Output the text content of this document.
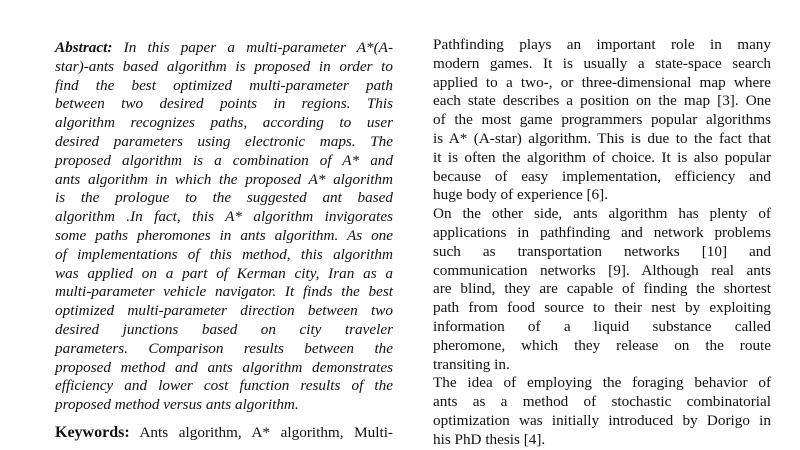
Abstract: In this paper a multi-parameter A*(A-
star)-ants based algorithm is proposed in order to
find the best optimized multi-parameter path
between two desired points in regions. This
algorithm recognizes paths, according to user
desired parameters using electronic maps. The
proposed algorithm is a combination of A* and
ants algorithm in which the proposed A* algorithm
is the prologue to the suggested ant based
algorithm .In fact, this A* algorithm invigorates
some paths pheromones in ants algorithm. As one
of implementations of this method, this algorithm
was applied on a part of Kerman city, Iran as a
multi-parameter vehicle navigator. It finds the best
optimized multi-parameter direction between two
desired junctions based on city traveler
parameters. Comparison results between the
proposed method and ants algorithm demonstrates
efficiency and lower cost function results of the
proposed method versus ants algorithm.
Keywords: Ants algorithm, A* algorithm, Multi-
Pathfinding plays an important role in many
modern games. It is usually a state-space search
applied to a two-, or three-dimensional map where
each state describes a position on the map [3]. One
of the most game programmers popular algorithms
is A* (A-star) algorithm. This is due to the fact that
it is often the algorithm of choice. It is also popular
because of easy implementation, efficiency and
huge body of experience [6].
On the other side, ants algorithm has plenty of
applications in pathfinding and network problems
such as transportation networks [10] and
communication networks [9]. Although real ants
are blind, they are capable of finding the shortest
path from food source to their nest by exploiting
information of a liquid substance called
pheromone, which they release on the route
transiting in.
The idea of employing the foraging behavior of
ants as a method of stochastic combinatorial
optimization was initially introduced by Dorigo in
his PhD thesis [4].
